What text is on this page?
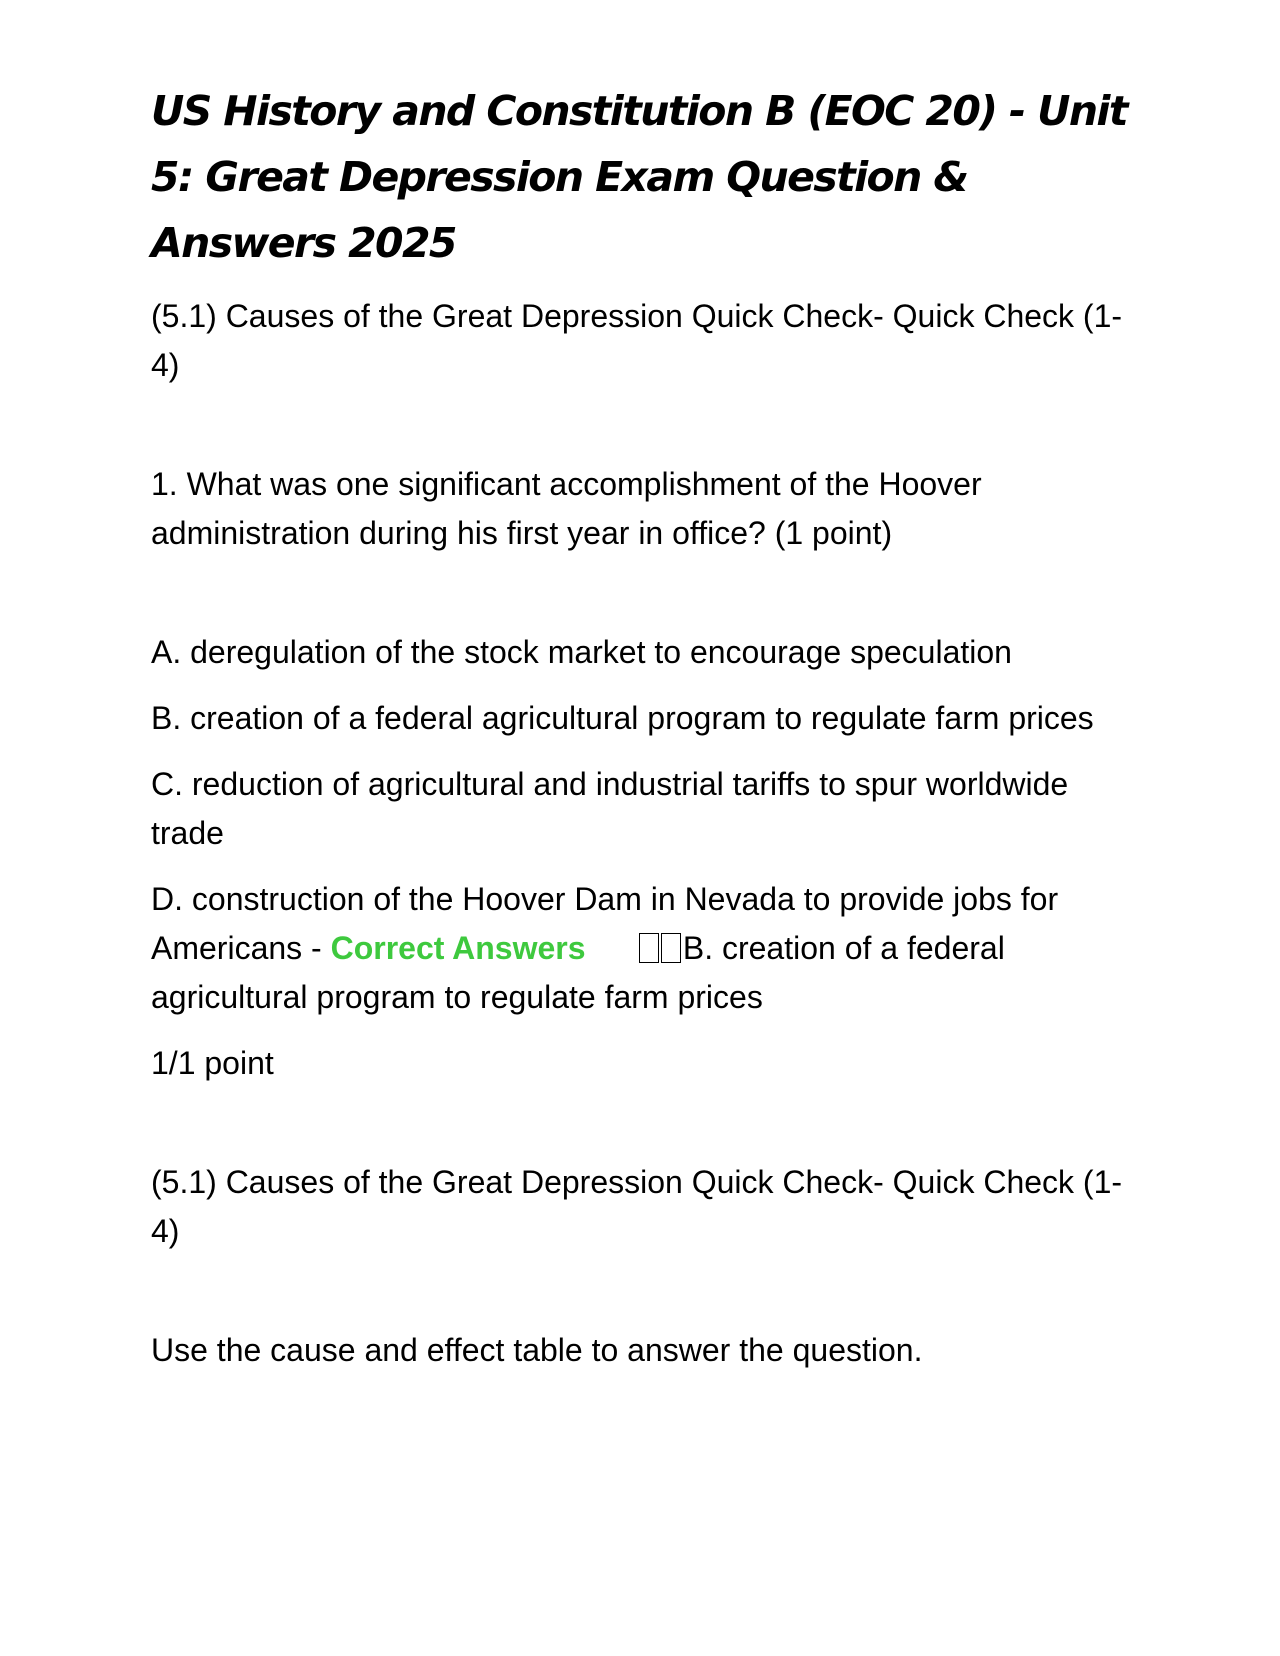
US History and Constitution B (EOC 20) - Unit 5: Great Depression Exam Question & Answers 2025

(5.1) Causes of the Great Depression Quick Check- Quick Check (1-4)

1. What was one significant accomplishment of the Hoover administration during his first year in office? (1 point)

A. deregulation of the stock market to encourage speculation

B. creation of a federal agricultural program to regulate farm prices

C. reduction of agricultural and industrial tariffs to spur worldwide trade

D. construction of the Hoover Dam in Nevada to provide jobs for Americans - Correct Answers	B. creation of a federal agricultural program to regulate farm prices

1/1 point

(5.1) Causes of the Great Depression Quick Check- Quick Check (1-4)

Use the cause and effect table to answer the question.
